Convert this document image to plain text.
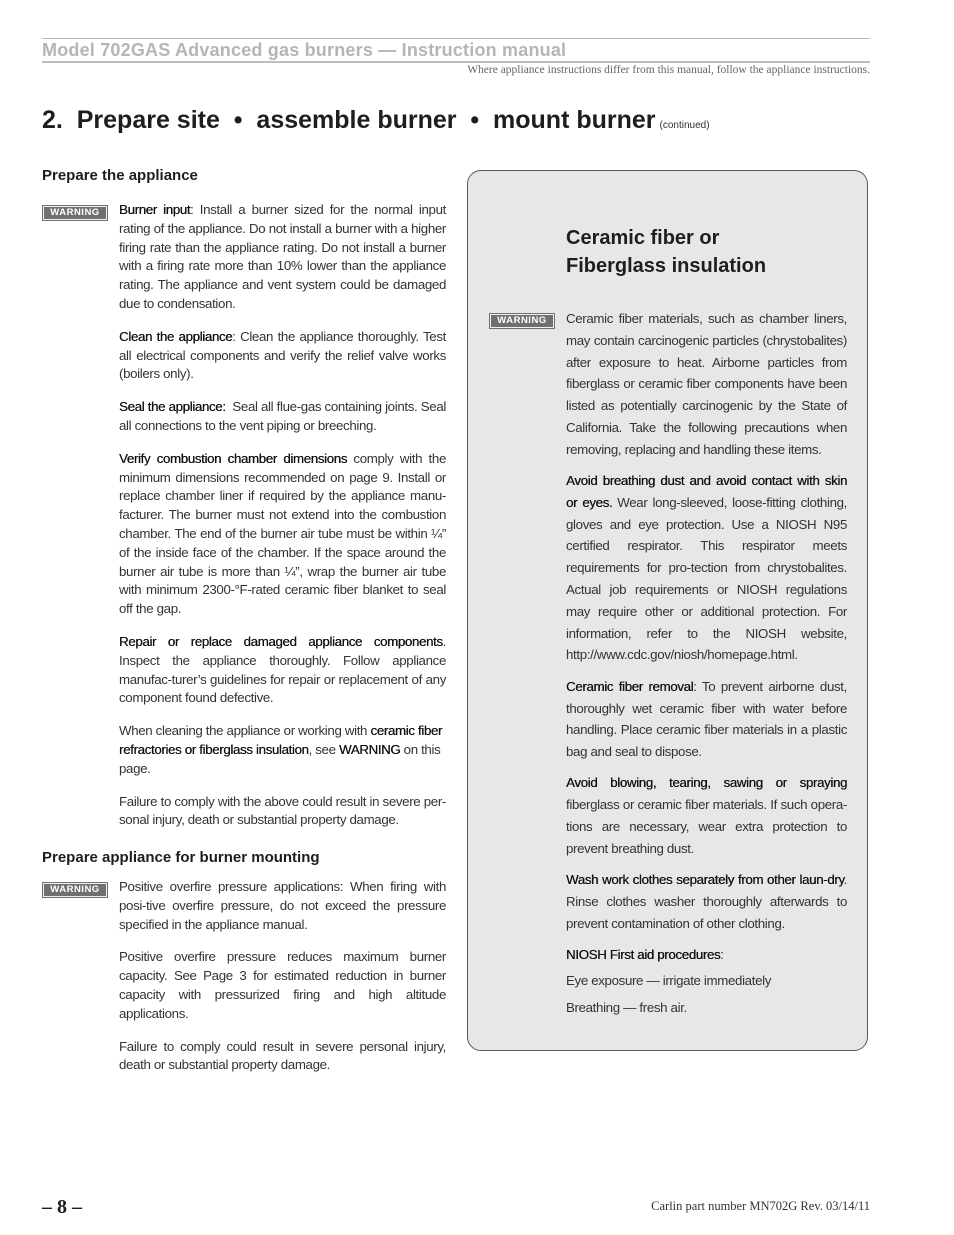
Model 702GAS Advanced gas burners — Instruction manual
Where appliance instructions differ from this manual, follow the appliance instructions.
2.  Prepare site  •  assemble burner  •  mount burner (continued)
Prepare the appliance
WARNING	Burner input: Install a burner sized for the normal input rating of the appliance. Do not install a burner with a higher firing rate than the appliance rating. Do not install a burner with a firing rate more than 10% lower than the appliance rating. The appliance and vent system could be damaged due to condensation.

Clean the appliance: Clean the appliance thoroughly. Test all electrical components and verify the relief valve works (boilers only).

Seal the appliance:  Seal all flue-gas containing joints. Seal all connections to the vent piping or breeching.

Verify combustion chamber dimensions comply with the minimum dimensions recommended on page 9. Install or replace chamber liner if required by the appliance manu-facturer. The burner must not extend into the combustion chamber. The end of the burner air tube must be within ¼” of the inside face of the chamber. If the space around the burner air tube is more than ¼”, wrap the burner air tube with minimum 2300-°F-rated ceramic fiber blanket to seal off the gap.

Repair or replace damaged appliance components. Inspect the appliance thoroughly. Follow appliance manufac-turer’s guidelines for repair or replacement of any component found defective.

When cleaning the appliance or working with ceramic fiber refractories or fiberglass insulation, see WARNING on this page.

Failure to comply with the above could result in severe per-sonal injury, death or substantial property damage.

Prepare appliance for burner mounting
WARNING	Positive overfire pressure applications: When firing with posi-tive overfire pressure, do not exceed the pressure specified in the appliance manual.

Positive overfire pressure reduces maximum burner capacity. See Page 3 for estimated reduction in burner capacity with pressurized firing and high altitude applications.

Failure to comply could result in severe personal injury, death or substantial property damage.

Ceramic fiber or
Fiberglass insulation
WARNING	Ceramic fiber materials, such as chamber liners, may contain carcinogenic particles (chrystobalites) after exposure to heat. Airborne particles from fiberglass or ceramic fiber components have been listed as potentially carcinogenic by the State of California. Take the following precautions when removing, replacing and handling these items.

Avoid breathing dust and avoid contact with skin or eyes. Wear long-sleeved, loose-fitting clothing, gloves and eye protection. Use a NIOSH N95 certified respirator. This respirator meets requirements for pro-tection from chrystobalites. Actual job requirements or NIOSH regulations may require other or additional protection. For information, refer to the NIOSH website, http://www.cdc.gov/niosh/homepage.html.

Ceramic fiber removal: To prevent airborne dust, thoroughly wet ceramic fiber with water before handling. Place ceramic fiber materials in a plastic bag and seal to dispose.

Avoid blowing, tearing, sawing or spraying fiberglass or ceramic fiber materials. If such opera-tions are necessary, wear extra protection to prevent breathing dust.

Wash work clothes separately from other laun-dry. Rinse clothes washer thoroughly afterwards to prevent contamination of other clothing.

NIOSH First aid procedures:

Eye exposure — irrigate immediately

Breathing — fresh air.

– 8 –	Carlin part number MN702G Rev. 03/14/11
